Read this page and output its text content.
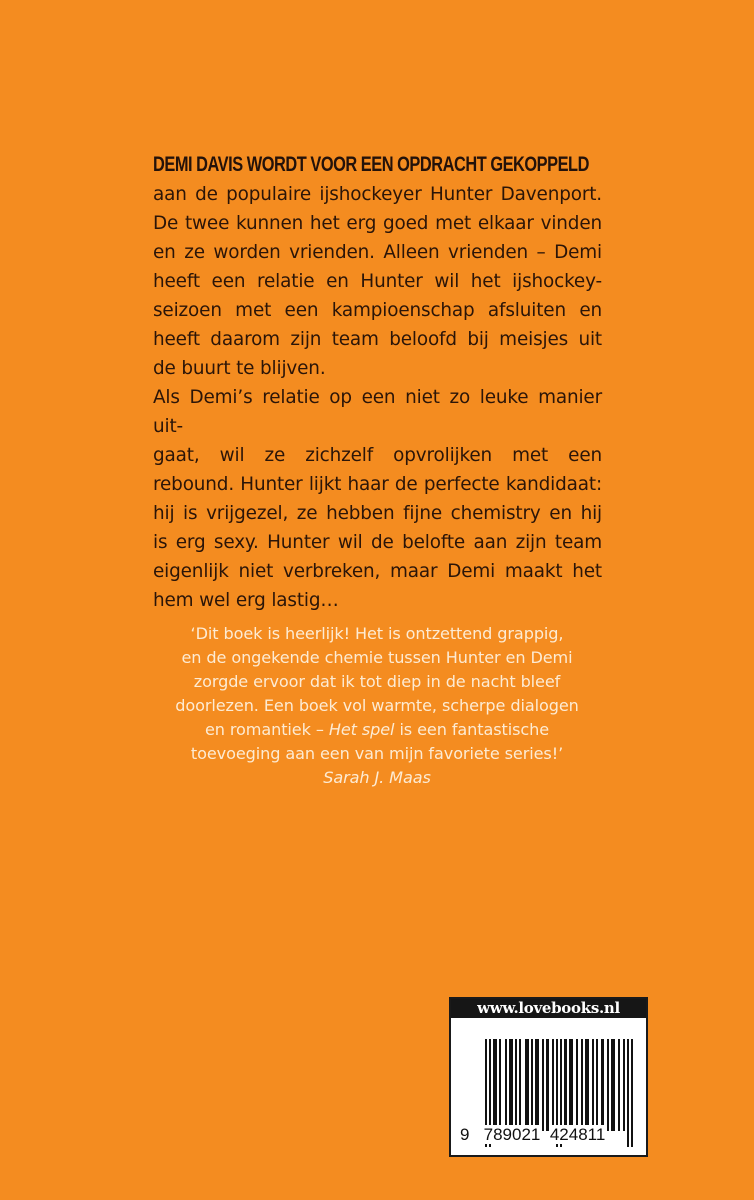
DEMI DAVIS WORDT VOOR EEN OPDRACHT GEKOPPELD

aan de populaire ijshockeyer Hunter Davenport.
De twee kunnen het erg goed met elkaar vinden
en ze worden vrienden. Alleen vrienden – Demi
heeft een relatie en Hunter wil het ijshockey-
seizoen met een kampioenschap afsluiten en
heeft daarom zijn team beloofd bij meisjes uit
de buurt te blijven.

Als Demi’s relatie op een niet zo leuke manier uit-
gaat, wil ze zichzelf opvrolijken met een
rebound. Hunter lijkt haar de perfecte kandidaat:
hij is vrijgezel, ze hebben fijne chemistry en hij
is erg sexy. Hunter wil de belofte aan zijn team
eigenlijk niet verbreken, maar Demi maakt het
hem wel erg lastig…

‘Dit boek is heerlijk! Het is ontzettend grappig,
en de ongekende chemie tussen Hunter en Demi
zorgde ervoor dat ik tot diep in de nacht bleef
doorlezen. Een boek vol warmte, scherpe dialogen
en romantiek – Het spel is een fantastische
toevoeging aan een van mijn favoriete series!’
Sarah J. Maas
www.lovebooks.nl
9 789021 424811
